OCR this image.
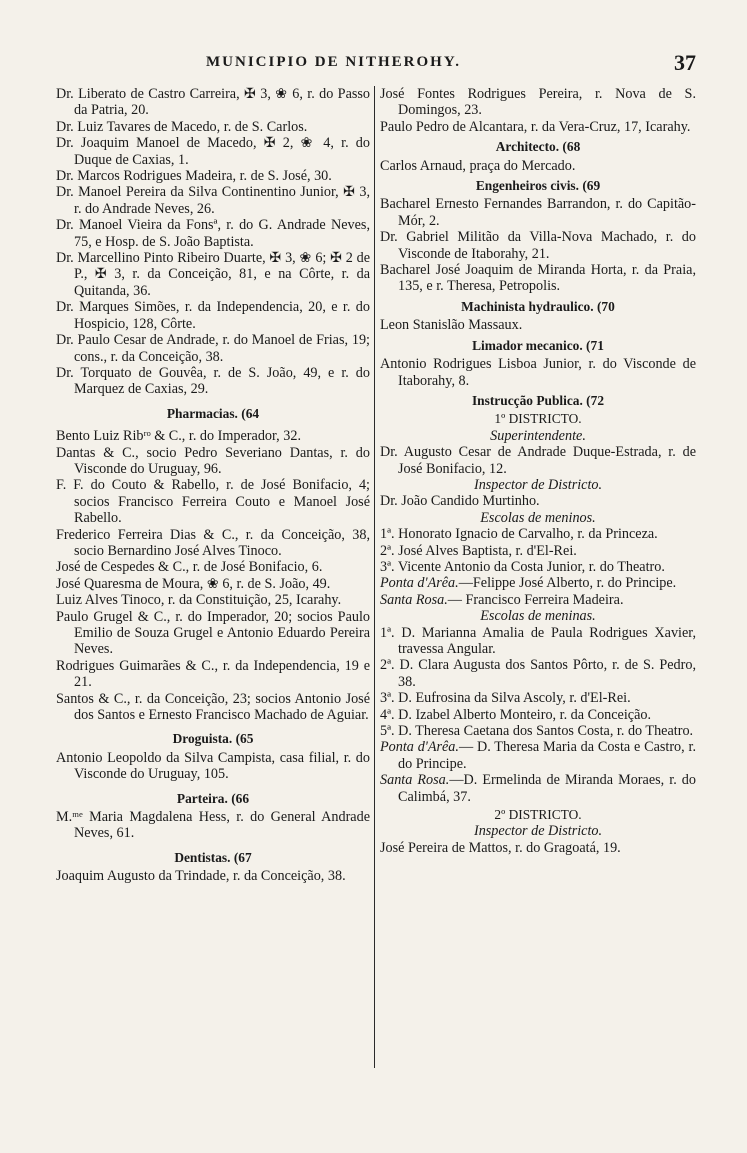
MUNICIPIO DE NITHEROHY.	37

Dr. Liberato de Castro Carreira, ✠ 3, ❀ 6, r. do Passo da Patria, 20.

Dr. Luiz Tavares de Macedo, r. de S. Carlos.

Dr. Joaquim Manoel de Macedo, ✠ 2, ❀ 4, r. do Duque de Caxias, 1.

Dr. Marcos Rodrigues Madeira, r. de S. José, 30.

Dr. Manoel Pereira da Silva Continentino Junior, ✠ 3, r. do Andrade Neves, 26.

Dr. Manoel Vieira da Fonsª, r. do G. Andrade Neves, 75, e Hosp. de S. João Baptista.

Dr. Marcellino Pinto Ribeiro Duarte, ✠ 3, ❀ 6; ✠ 2 de P., ✠ 3, r. da Conceição, 81, e na Côrte, r. da Quitanda, 36.

Dr. Marques Simões, r. da Independencia, 20, e r. do Hospicio, 128, Côrte.

Dr. Paulo Cesar de Andrade, r. do Manoel de Frias, 19; cons., r. da Conceição, 38.

Dr. Torquato de Gouvêa, r. de S. João, 49, e r. do Marquez de Caxias, 29.

Pharmacias. (64

Bento Luiz Ribʳᵒ & C., r. do Imperador, 32.

Dantas & C., socio Pedro Severiano Dantas, r. do Visconde do Uruguay, 96.

F. F. do Couto & Rabello, r. de José Bonifacio, 4; socios Francisco Ferreira Couto e Manoel José Rabello.

Frederico Ferreira Dias & C., r. da Conceição, 38, socio Bernardino José Alves Tinoco.

José de Cespedes & C., r. de José Bonifacio, 6.

José Quaresma de Moura, ❀ 6, r. de S. João, 49.

Luiz Alves Tinoco, r. da Constituição, 25, Icarahy.

Paulo Grugel & C., r. do Imperador, 20; socios Paulo Emilio de Souza Grugel e Antonio Eduardo Pereira Neves.

Rodrigues Guimarães & C., r. da Independencia, 19 e 21.

Santos & C., r. da Conceição, 23; socios Antonio José dos Santos e Ernesto Francisco Machado de Aguiar.

Droguista. (65

Antonio Leopoldo da Silva Campista, casa filial, r. do Visconde do Uruguay, 105.

Parteira. (66

M.ᵐᵉ Maria Magdalena Hess, r. do General Andrade Neves, 61.

Dentistas. (67

Joaquim Augusto da Trindade, r. da Conceição, 38.

José Fontes Rodrigues Pereira, r. Nova de S. Domingos, 23.

Paulo Pedro de Alcantara, r. da Vera-Cruz, 17, Icarahy.

Architecto. (68

Carlos Arnaud, praça do Mercado.

Engenheiros civis. (69

Bacharel Ernesto Fernandes Barrandon, r. do Capitão-Mór, 2.

Dr. Gabriel Militão da Villa-Nova Machado, r. do Visconde de Itaborahy, 21.

Bacharel José Joaquim de Miranda Horta, r. da Praia, 135, e r. Theresa, Petropolis.

Machinista hydraulico. (70

Leon Stanislão Massaux.

Limador mecanico. (71

Antonio Rodrigues Lisboa Junior, r. do Visconde de Itaborahy, 8.

Instrucção Publica. (72

1º DISTRICTO.

Superintendente.

Dr. Augusto Cesar de Andrade Duque-Estrada, r. de José Bonifacio, 12.

Inspector de Districto.

Dr. João Candido Murtinho.

Escolas de meninos.

1ª. Honorato Ignacio de Carvalho, r. da Princeza.

2ª. José Alves Baptista, r. d'El-Rei.

3ª. Vicente Antonio da Costa Junior, r. do Theatro.

Ponta d'Arêa.—Felippe José Alberto, r. do Principe.

Santa Rosa.— Francisco Ferreira Madeira.

Escolas de meninas.

1ª. D. Marianna Amalia de Paula Rodrigues Xavier, travessa Angular.

2ª. D. Clara Augusta dos Santos Pôrto, r. de S. Pedro, 38.

3ª. D. Eufrosina da Silva Ascoly, r. d'El-Rei.

4ª. D. Izabel Alberto Monteiro, r. da Conceição.

5ª. D. Theresa Caetana dos Santos Costa, r. do Theatro.

Ponta d'Arêa.— D. Theresa Maria da Costa e Castro, r. do Principe.

Santa Rosa.—D. Ermelinda de Miranda Moraes, r. do Calimbá, 37.

2º DISTRICTO.

Inspector de Districto.

José Pereira de Mattos, r. do Gragoatá, 19.
